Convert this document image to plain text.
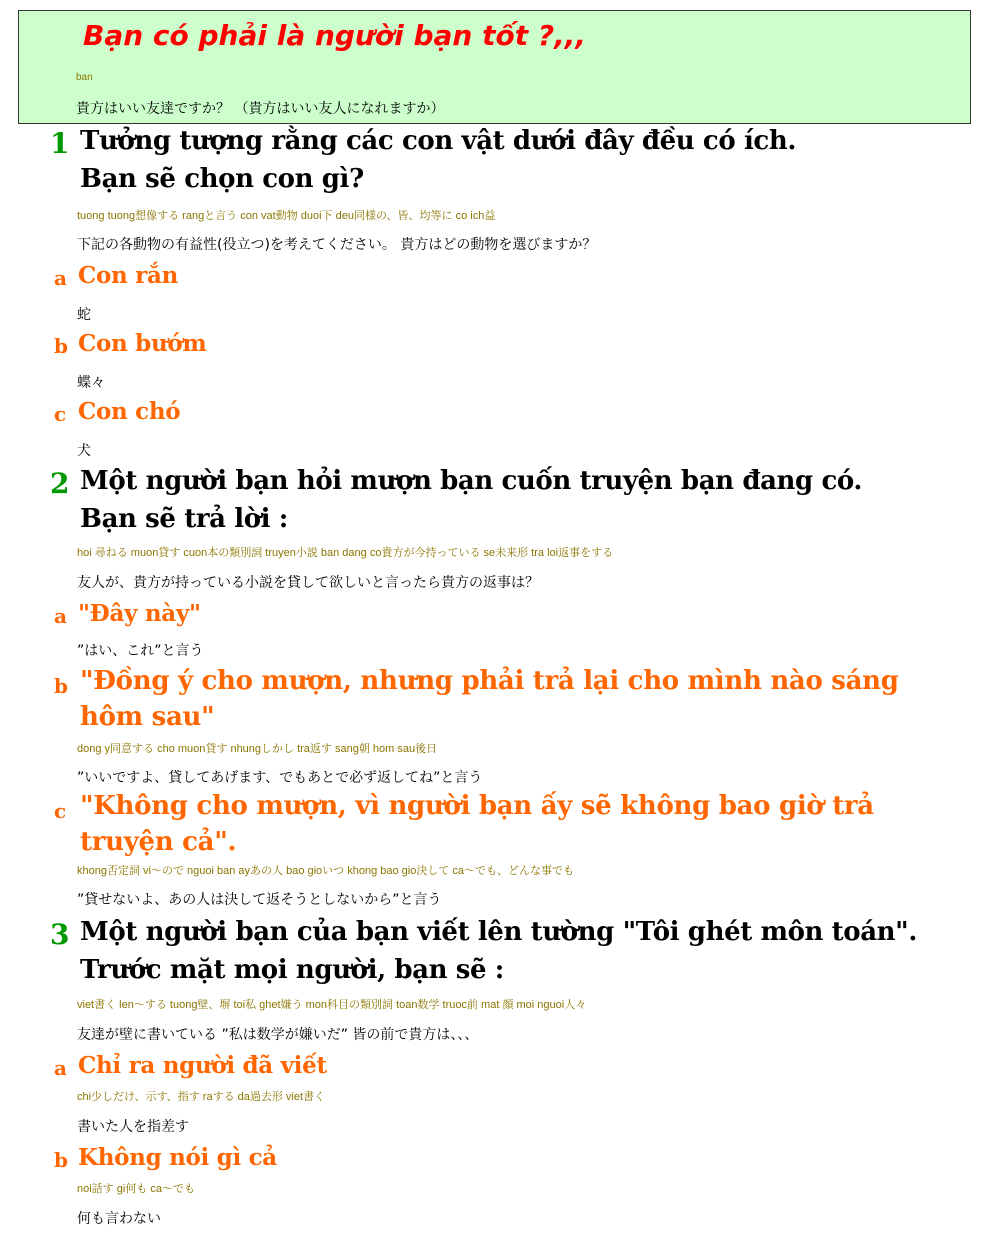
Bạn có phải là người bạn tốt ?,,,
ban
貴方はいい友達ですか？ （貴方はいい友人になれますか）
1 Tưởng tượng rằng các con vật dưới đây đều có ích.
Bạn sẽ chọn con gì?
tuong tuong想像する rangと言う con vat動物 duoi下 deu同様の、皆、均等に co ich益
下記の各動物の有益性(役立つ)を考えてください。 貴方はどの動物を選びますか？
a Con rắn
蛇
b Con bướm
蝶々
c Con chó
犬
2 Một người bạn hỏi mượn bạn cuốn truyện bạn đang có.
Bạn sẽ trả lời :
hoi 尋ねる muon貸す cuon本の類別詞 truyen小説 ban dang co貴方が今持っている se未来形 tra loi返事をする
友人が、貴方が持っている小説を貸して欲しいと言ったら貴方の返事は？
a "Đây này"
”はい、これ”と言う
b "Đồng ý cho mượn, nhưng phải trả lại cho mình nào sáng
hôm sau"
dong y同意する cho muon貸す nhungしかし tra返す sang朝 hom sau後日
”いいですよ、貸してあげます、でもあとで必ず返してね”と言う
c "Không cho mượn, vì người bạn ấy sẽ không bao giờ trả
truyện cả".
khong否定詞 vi〜ので nguoi ban ayあの人 bao gioいつ khong bao gio決して ca〜でも、どんな事でも
”貸せないよ、あの人は決して返そうとしないから”と言う
3 Một người bạn của bạn viết lên tường "Tôi ghét môn toán".
Trước mặt mọi người, bạn sẽ :
viet書く len〜する tuong壁、塀 toi私 ghet嫌う mon科目の類別詞 toan数学 truoc前 mat 顔 moi nguoi人々
友達が壁に書いている ”私は数学が嫌いだ” 皆の前で貴方は、、、
a Chỉ ra người đã viết
chi少しだけ、示す、指す raする da過去形 viet書く
書いた人を指差す
b Không nói gì cả
noi話す gi何も ca〜でも
何も言わない
